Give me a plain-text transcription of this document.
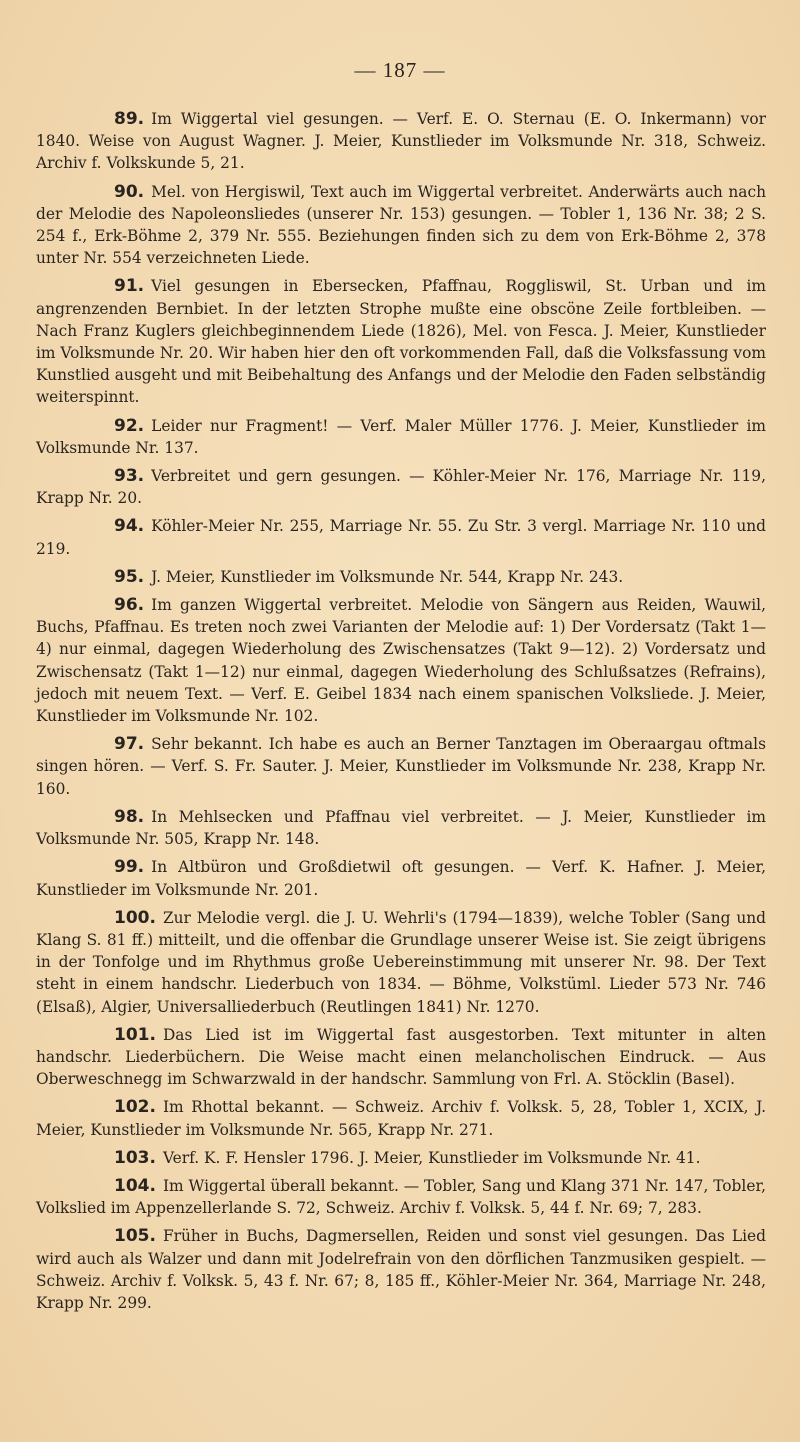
— 187 —

89. Im Wiggertal viel gesungen. — Verf. E. O. Sternau (E. O. Inkermann) vor 1840. Weise von August Wagner. J. Meier, Kunstlieder im Volksmunde Nr. 318, Schweiz. Archiv f. Volkskunde 5, 21.

90. Mel. von Hergiswil, Text auch im Wiggertal verbreitet. Anderwärts auch nach der Melodie des Napoleonsliedes (unserer Nr. 153) gesungen. — Tobler 1, 136 Nr. 38; 2 S. 254 f., Erk-Böhme 2, 379 Nr. 555. Beziehungen finden sich zu dem von Erk-Böhme 2, 378 unter Nr. 554 verzeichneten Liede.

91. Viel gesungen in Ebersecken, Pfaffnau, Roggliswil, St. Urban und im angrenzenden Bernbiet. In der letzten Strophe mußte eine obscöne Zeile fortbleiben. — Nach Franz Kuglers gleichbeginnendem Liede (1826), Mel. von Fesca. J. Meier, Kunstlieder im Volksmunde Nr. 20. Wir haben hier den oft vorkommenden Fall, daß die Volksfassung vom Kunstlied ausgeht und mit Beibehaltung des Anfangs und der Melodie den Faden selbständig weiterspinnt.

92. Leider nur Fragment! — Verf. Maler Müller 1776. J. Meier, Kunstlieder im Volksmunde Nr. 137.

93. Verbreitet und gern gesungen. — Köhler-Meier Nr. 176, Marriage Nr. 119, Krapp Nr. 20.

94. Köhler-Meier Nr. 255, Marriage Nr. 55. Zu Str. 3 vergl. Marriage Nr. 110 und 219.

95. J. Meier, Kunstlieder im Volksmunde Nr. 544, Krapp Nr. 243.

96. Im ganzen Wiggertal verbreitet. Melodie von Sängern aus Reiden, Wauwil, Buchs, Pfaffnau. Es treten noch zwei Varianten der Melodie auf: 1) Der Vordersatz (Takt 1—4) nur einmal, dagegen Wiederholung des Zwischensatzes (Takt 9—12). 2) Vordersatz und Zwischensatz (Takt 1—12) nur einmal, dagegen Wiederholung des Schlußsatzes (Refrains), jedoch mit neuem Text. — Verf. E. Geibel 1834 nach einem spanischen Volksliede. J. Meier, Kunstlieder im Volksmunde Nr. 102.

97. Sehr bekannt. Ich habe es auch an Berner Tanztagen im Oberaargau oftmals singen hören. — Verf. S. Fr. Sauter. J. Meier, Kunstlieder im Volksmunde Nr. 238, Krapp Nr. 160.

98. In Mehlsecken und Pfaffnau viel verbreitet. — J. Meier, Kunstlieder im Volksmunde Nr. 505, Krapp Nr. 148.

99. In Altbüron und Großdietwil oft gesungen. — Verf. K. Hafner. J. Meier, Kunstlieder im Volksmunde Nr. 201.

100. Zur Melodie vergl. die J. U. Wehrli's (1794—1839), welche Tobler (Sang und Klang S. 81 ff.) mitteilt, und die offenbar die Grundlage unserer Weise ist. Sie zeigt übrigens in der Tonfolge und im Rhythmus große Uebereinstimmung mit unserer Nr. 98. Der Text steht in einem handschr. Liederbuch von 1834. — Böhme, Volkstüml. Lieder 573 Nr. 746 (Elsaß), Algier, Universalliederbuch (Reutlingen 1841) Nr. 1270.

101. Das Lied ist im Wiggertal fast ausgestorben. Text mitunter in alten handschr. Liederbüchern. Die Weise macht einen melancholischen Eindruck. — Aus Oberweschnegg im Schwarzwald in der handschr. Sammlung von Frl. A. Stöcklin (Basel).

102. Im Rhottal bekannt. — Schweiz. Archiv f. Volksk. 5, 28, Tobler 1, XCIX, J. Meier, Kunstlieder im Volksmunde Nr. 565, Krapp Nr. 271.

103. Verf. K. F. Hensler 1796. J. Meier, Kunstlieder im Volksmunde Nr. 41.

104. Im Wiggertal überall bekannt. — Tobler, Sang und Klang 371 Nr. 147, Tobler, Volkslied im Appenzellerlande S. 72, Schweiz. Archiv f. Volksk. 5, 44 f. Nr. 69; 7, 283.

105. Früher in Buchs, Dagmersellen, Reiden und sonst viel gesungen. Das Lied wird auch als Walzer und dann mit Jodelrefrain von den dörflichen Tanzmusiken gespielt. — Schweiz. Archiv f. Volksk. 5, 43 f. Nr. 67; 8, 185 ff., Köhler-Meier Nr. 364, Marriage Nr. 248, Krapp Nr. 299.
